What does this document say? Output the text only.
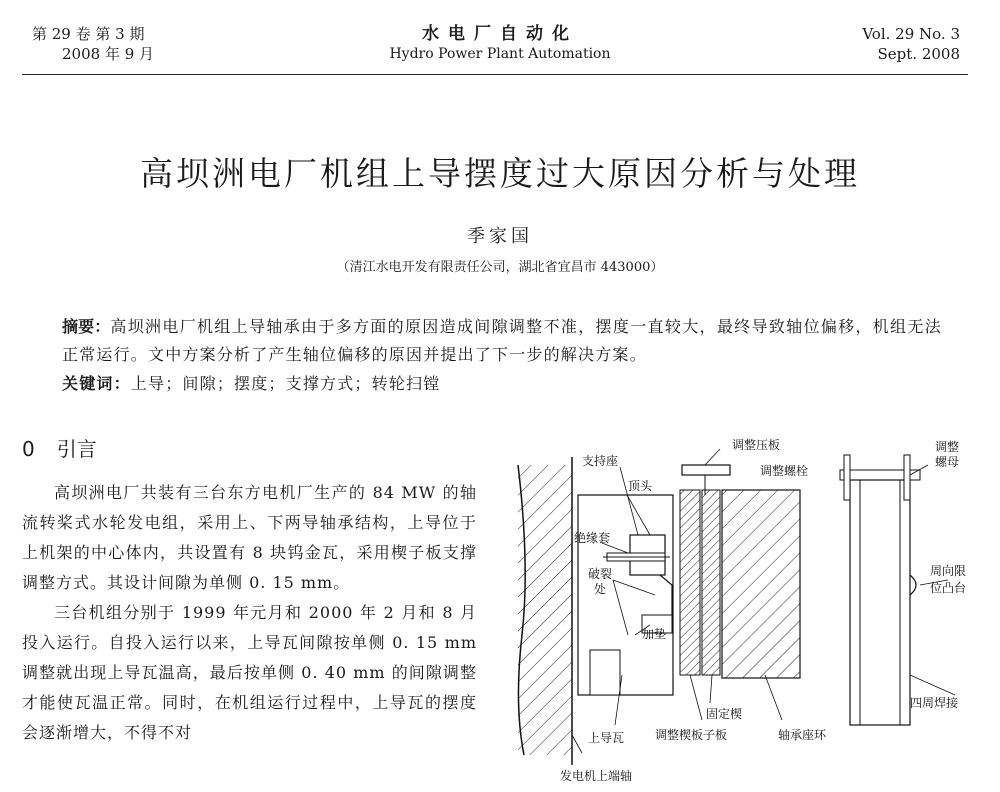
第 29 卷 第 3 期
2008 年 9 月
水电厂自动化
Hydro Power Plant Automation
Vol. 29 No. 3
Sept. 2008
高坝洲电厂机组上导摆度过大原因分析与处理
季家国
（清江水电开发有限责任公司，湖北省宜昌市 443000）
摘要：高坝洲电厂机组上导轴承由于多方面的原因造成间隙调整不准，摆度一直较大，最终导致轴位偏移，机组无法正常运行。文中方案分析了产生轴位偏移的原因并提出了下一步的解决方案。
关键词：上导；间隙；摆度；支撑方式；转轮扫镗
0 引言

高坝洲电厂共装有三台东方电机厂生产的 84 MW 的轴流转桨式水轮发电组，采用上、下两导轴承结构，上导位于上机架的中心体内，共设置有 8 块钨金瓦，采用楔子板支撑调整方式。其设计间隙为单侧 0. 15 mm。

三台机组分别于 1999 年元月和 2000 年 2 月和 8 月投入运行。自投入运行以来，上导瓦间隙按单侧 0. 15 mm 调整就出现上导瓦温高，最后按单侧 0. 40 mm 的间隙调整才能使瓦温正常。同时，在机组运行过程中，上导瓦的摆度会逐渐增大，不得不对

调整压板	调整
螺母
支持座
调整螺栓
顶头
绝缘套
破裂
处
加垫
周向限
位凸台
四周焊接
固定楔
上导瓦	调整楔板子板	轴承座环
发电机上端轴
